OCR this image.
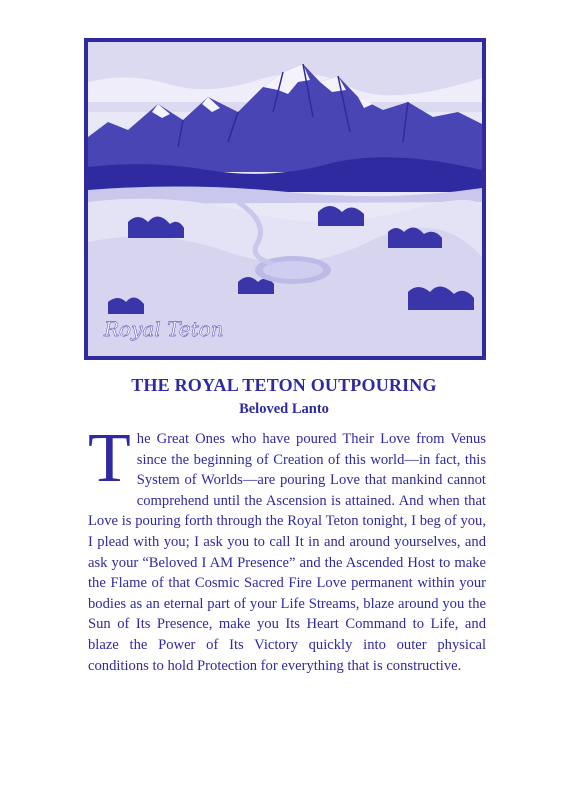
Royal Teton
THE ROYAL TETON OUTPOURING
Beloved Lanto

The Great Ones who have poured Their Love from Venus since the beginning of Creation of this world—in fact, this System of Worlds—are pouring Love that mankind cannot comprehend until the Ascension is attained. And when that Love is pouring forth through the Royal Teton tonight, I beg of you, I plead with you; I ask you to call It in and around yourselves, and ask your “Beloved I AM Presence” and the Ascended Host to make the Flame of that Cosmic Sacred Fire Love permanent within your bodies as an eternal part of your Life Streams, blaze around you the Sun of Its Presence, make you Its Heart Command to Life, and blaze the Power of Its Victory quickly into outer physical conditions to hold Protection for everything that is constructive.
